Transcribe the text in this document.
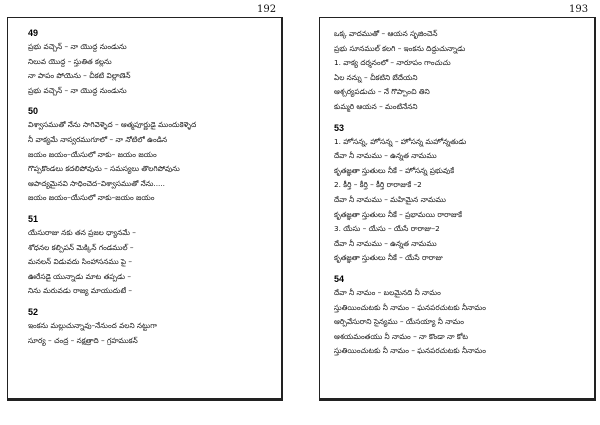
192
49
ప్రభు వచ్చెన్ – నా యొద్ద నుండును
నిలువ యొద్ద – స్తుతిత కల్లను
నా పాపం పోయెను – చీకటి విల్లాణెన్
ప్రభు వచ్చెన్ – నా యొద్ద నుండును
50
విశ్వాసముతో నేను సాగివెళ్ళెద – ఆత్మపూర్ణుడై ముందుకెళ్ళెద
నీ వాక్యమే నాస్వరముగూలో – నా నోటిలో ఉండిన
జయం జయం–యేసులో నాకు– జయం జయం
గొప్పకొండలు కదలిపోవును – సమస్యలు తొలగిపోవును
ఆపాద్యమైనవి సాధించెద–విశ్వాసముతో నేను.....
జయం జయం–యేసులో నాకు–జయం జయం
51
యేసురాజు నకు తన ప్రజల ధ్యానమే –
శోధనల కల్పిపన్ మెక్కిన్ గండముల్ –
మనలన్ విడువదు సింహాసనము పై –
ఊరేసడై యున్నాడు మాట తప్పడు –
నిను మరువడు రాజ్య మాయుదుటే –
52
ఇంకను మల్లుచున్నావు–నేనుంద వలని నట్టుగా
సూర్య – చంద్ర – నక్షత్రాది – గ్రహముకన్
193
ఒక్క వాదముతో – ఆయన సృజించెన్
ప్రభు సూనముల్ కలగి – ఇంకను దిద్దుచున్నాడు
1. వాక్య దర్శనంలో – నారూపం గాంచుచు
ఏల నన్ను – చీకటిని బేదేయని
ఆశ్చర్యపడుచు – నే గొప్పాంచి తిని
కుమ్మరి ఆయన – మంటినేనని
53
1. హోసన్న, హోసన్న – హోసన్న మహోన్నతుడు
దేవా నీ నామము – ఉన్నత నామము
కృతజ్ఞతా స్తుతులు నీకే – హోసన్న ప్రభువుకే
2. కీర్తి – కీర్తి – కీర్తి రారాజుకే –2
దేవా నీ నామము – మహిమైన నామము
కృతజ్ఞతా స్తుతులు నీకే – ప్రభామయి రారాజుకే
3. యేసు – యేసు – యేసే రారాజు–2
దేవా నీ నామము – ఉన్నత నామము
కృతజ్ఞతా స్తుతులు నీకే – యేసే రారాజు
54
దేవా నీ నామం – బలమైనది నీ నామం
స్తుతియించుటకు నీ నామం – ఘనపరచుటకు నీనామం
ఆర్పివేసురాని సైన్యము – యేసయ్యా నీ నామం
ఆశయమంతయు నీ నామం – నా కొండా నా కోట
స్తుతియించుటకు నీ నామం – ఘనపరచుటకు నీనామం
